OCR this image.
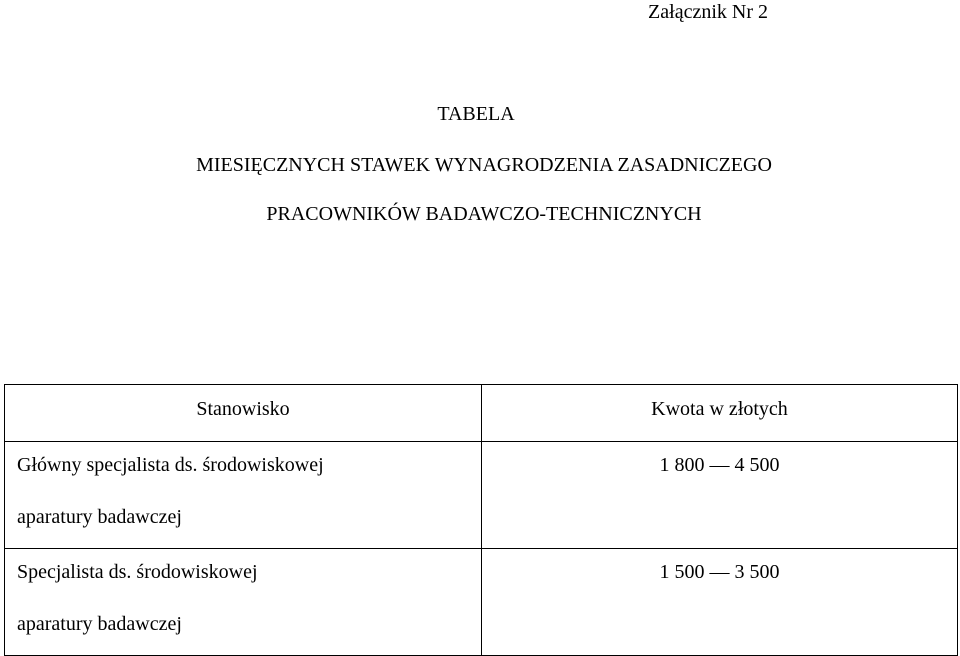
Załącznik Nr 2
TABELA
MIESIĘCZNYCH STAWEK WYNAGRODZENIA ZASADNICZEGO
PRACOWNIKÓW BADAWCZO-TECHNICZNYCH
Stanowisko	Kwota w złotych

Główny specjalista ds. środowiskowej
aparatury badawczej	1 800 — 4 500

Specjalista ds. środowiskowej
aparatury badawczej	1 500 — 3 500
